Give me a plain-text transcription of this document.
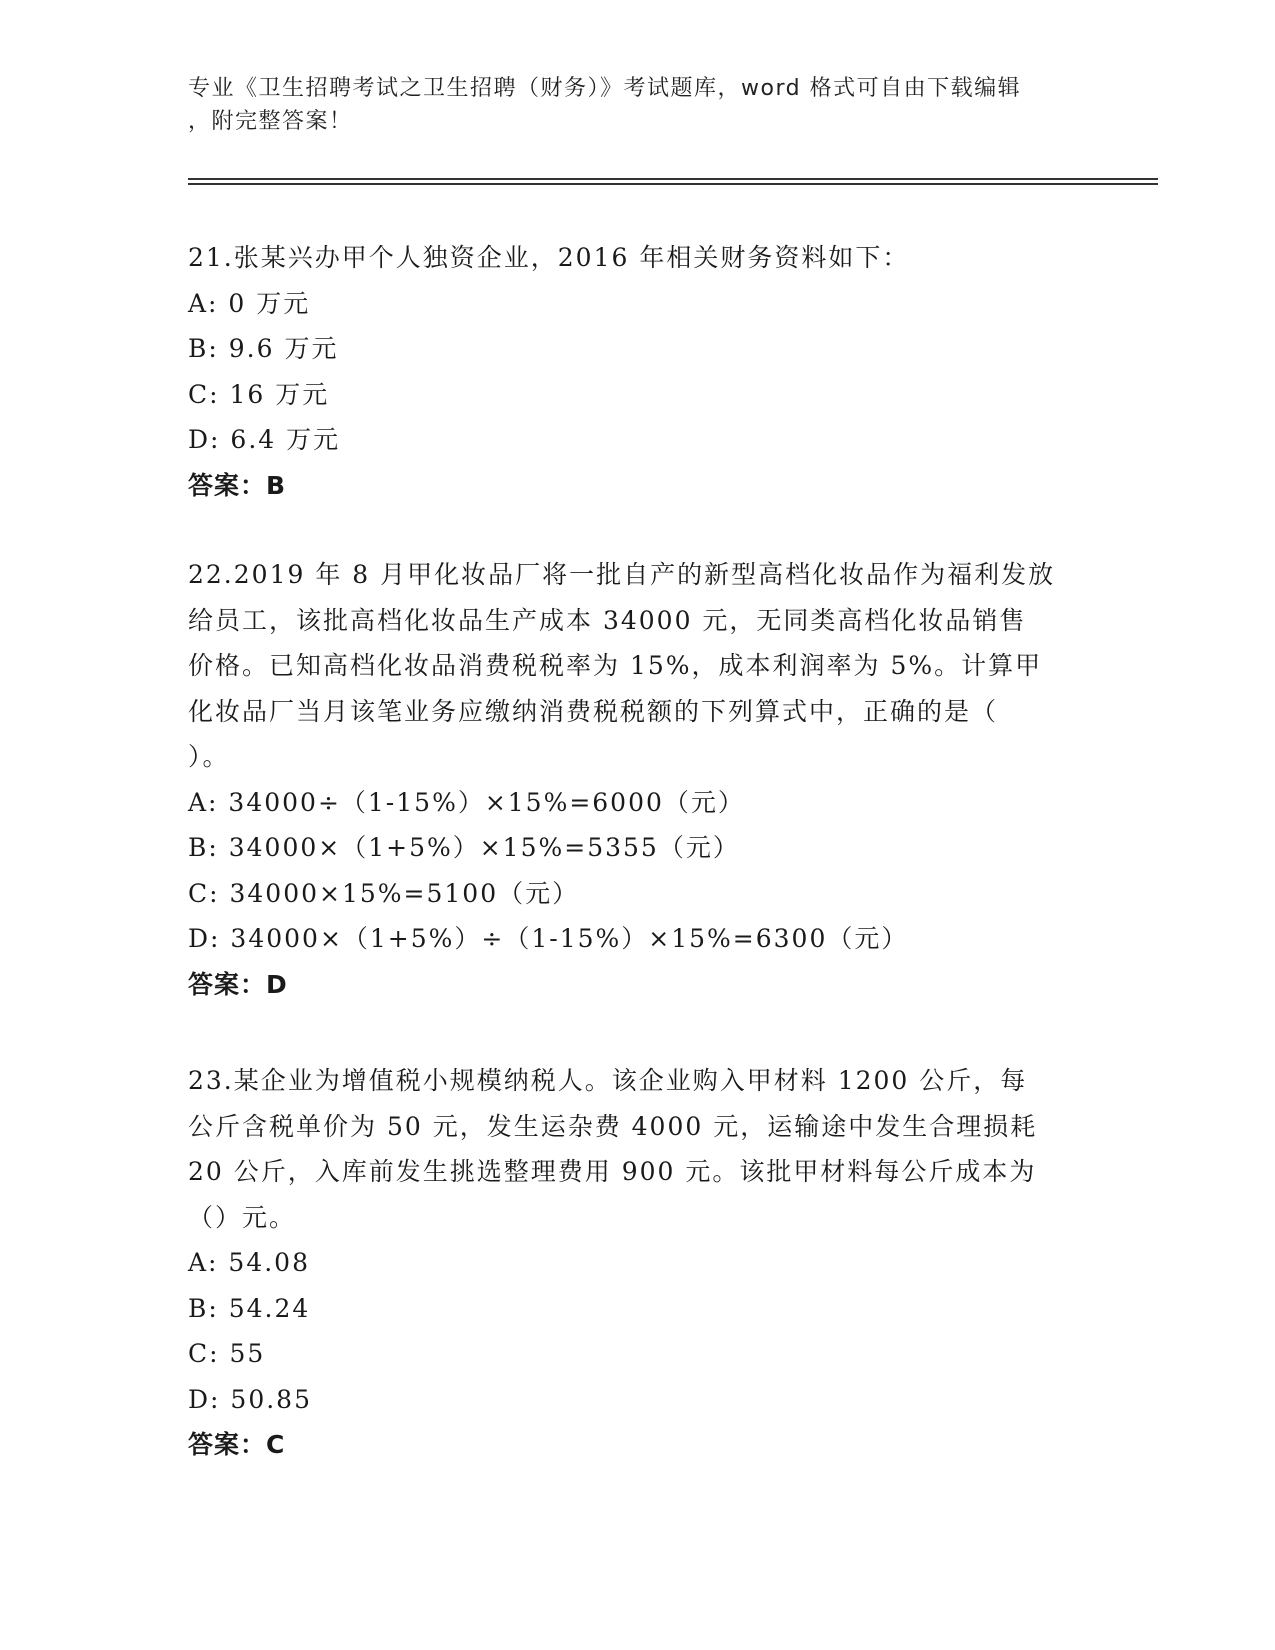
专业《卫生招聘考试之卫生招聘（财务）》考试题库，word 格式可自由下载编辑
，附完整答案！
21.张某兴办甲个人独资企业，2016 年相关财务资料如下：
A: 0 万元
B: 9.6 万元
C: 16 万元
D: 6.4 万元
答案：B
22.2019 年 8 月甲化妆品厂将一批自产的新型高档化妆品作为福利发放
给员工，该批高档化妆品生产成本 34000 元，无同类高档化妆品销售
价格。已知高档化妆品消费税税率为 15%，成本利润率为 5%。计算甲
化妆品厂当月该笔业务应缴纳消费税税额的下列算式中，正确的是（
）。
A: 34000÷（1-15%）×15%=6000（元）
B: 34000×（1+5%）×15%=5355（元）
C: 34000×15%=5100（元）
D: 34000×（1+5%）÷（1-15%）×15%=6300（元）
答案：D
23.某企业为增值税小规模纳税人。该企业购入甲材料 1200 公斤，每
公斤含税单价为 50 元，发生运杂费 4000 元，运输途中发生合理损耗
20 公斤，入库前发生挑选整理费用 900 元。该批甲材料每公斤成本为
（）元。
A: 54.08
B: 54.24
C: 55
D: 50.85
答案：C
